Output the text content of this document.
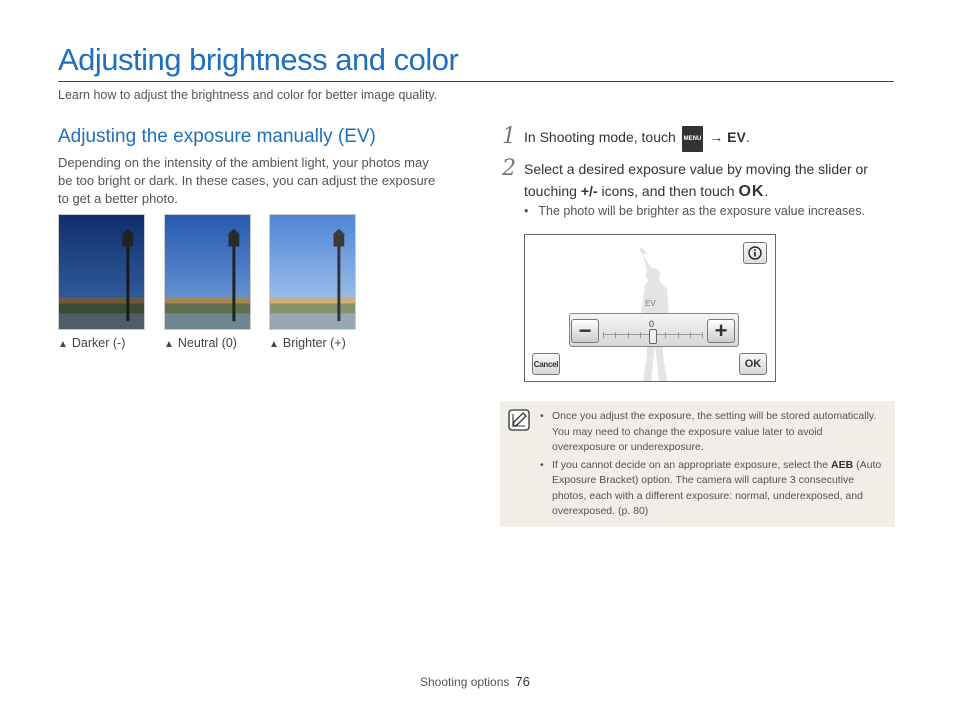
Adjusting brightness and color
Learn how to adjust the brightness and color for better image quality.
Adjusting the exposure manually (EV)
Depending on the intensity of the ambient light, your photos may be too bright or dark. In these cases, you can adjust the exposure to get a better photo.
▲ Darker (-)	▲ Neutral (0)	▲ Brighter (+)
1 In Shooting mode, touch MENU → EV.
2 Select a desired exposure value by moving the slider or touching +/- icons, and then touch OK.
• The photo will be brighter as the exposure value increases.
EV
−	+
0
Cancel	OK
• Once you adjust the exposure, the setting will be stored automatically. You may need to change the exposure value later to avoid overexposure or underexposure.
• If you cannot decide on an appropriate exposure, select the AEB (Auto Exposure Bracket) option. The camera will capture 3 consecutive photos, each with a different exposure: normal, underexposed, and overexposed. (p. 80)
Shooting options 76
